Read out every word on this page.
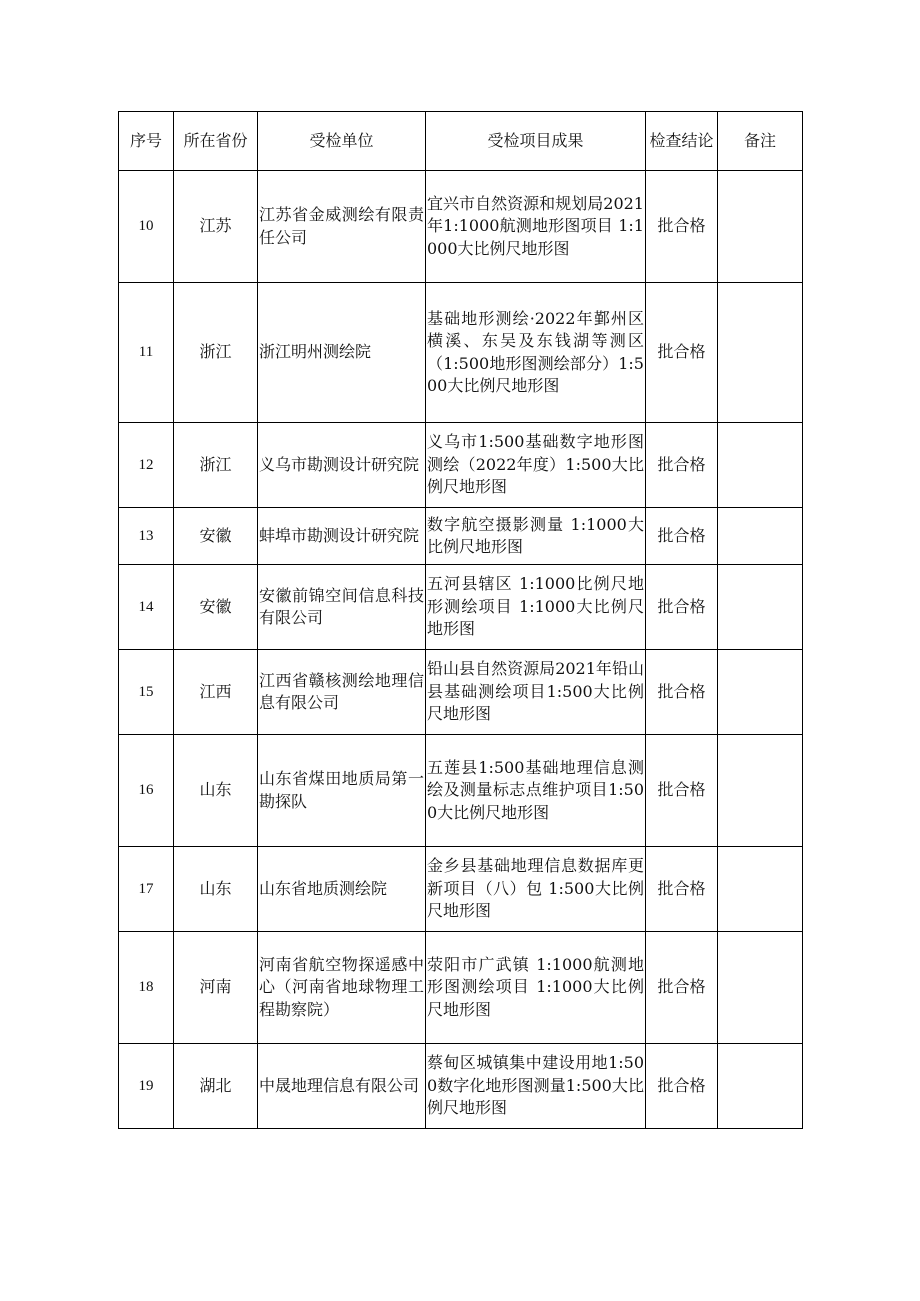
序号	所在省份	受检单位	受检项目成果	检查结论	备注
10	江苏	江苏省金威测绘有限责任公司	宜兴市自然资源和规划局2021年1:1000航测地形图项目 1:1000大比例尺地形图	批合格	
11	浙江	浙江明州测绘院	基础地形测绘·2022年鄞州区横溪、东吴及东钱湖等测区（1:500地形图测绘部分）1:500大比例尺地形图	批合格	
12	浙江	义乌市勘测设计研究院	义乌市1:500基础数字地形图测绘（2022年度）1:500大比例尺地形图	批合格	
13	安徽	蚌埠市勘测设计研究院	数字航空摄影测量 1:1000大比例尺地形图	批合格	
14	安徽	安徽前锦空间信息科技有限公司	五河县辖区 1:1000比例尺地形测绘项目 1:1000大比例尺地形图	批合格	
15	江西	江西省赣核测绘地理信息有限公司	铅山县自然资源局2021年铅山县基础测绘项目1:500大比例尺地形图	批合格	
16	山东	山东省煤田地质局第一勘探队	五莲县1:500基础地理信息测绘及测量标志点维护项目1:500大比例尺地形图	批合格	
17	山东	山东省地质测绘院	金乡县基础地理信息数据库更新项目（八）包 1:500大比例尺地形图	批合格	
18	河南	河南省航空物探遥感中心（河南省地球物理工程勘察院）	荥阳市广武镇 1:1000航测地形图测绘项目 1:1000大比例尺地形图	批合格	
19	湖北	中晟地理信息有限公司	蔡甸区城镇集中建设用地1:500数字化地形图测量1:500大比例尺地形图	批合格	
